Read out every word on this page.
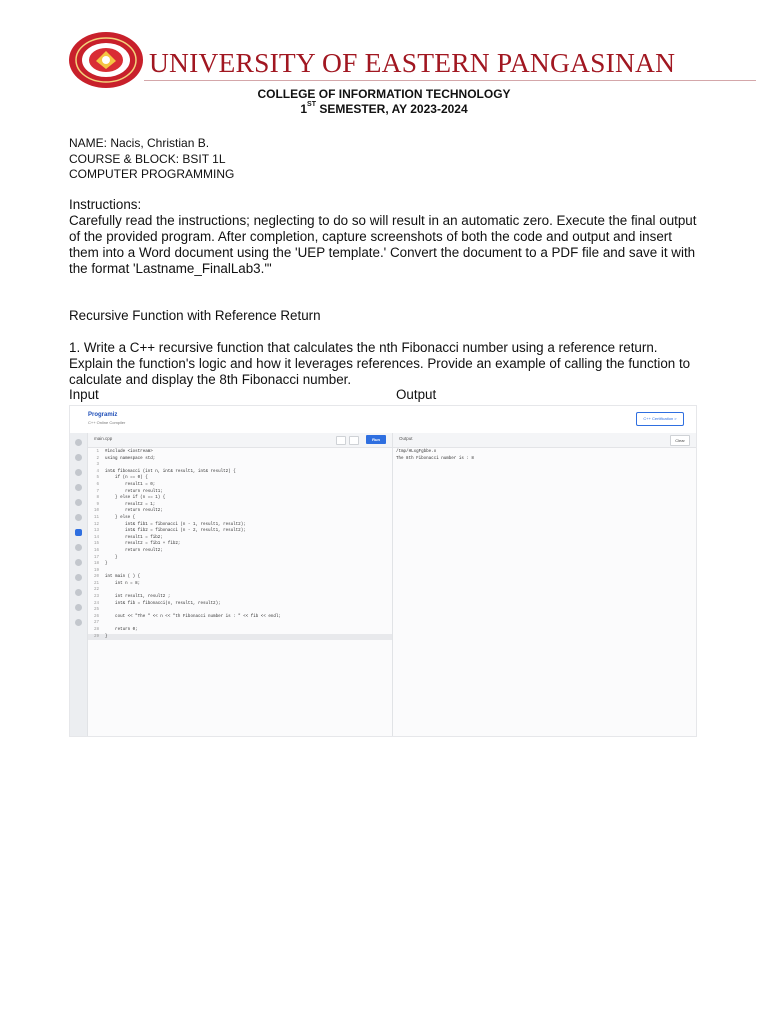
UNIVERSITY OF EASTERN PANGASINAN
COLLEGE OF INFORMATION TECHNOLOGY
1ST SEMESTER, AY 2023-2024
NAME: Nacis, Christian B.
COURSE & BLOCK: BSIT 1L
COMPUTER PROGRAMMING
Instructions:
Carefully read the instructions; neglecting to do so will result in an automatic zero. Execute the final output of the provided program. After completion, capture screenshots of both the code and output and insert them into a Word document using the 'UEP template.' Convert the document to a PDF file and save it with the format 'Lastname_FinalLab3.'"
Recursive Function with Reference Return
1. Write a C++ recursive function that calculates the nth Fibonacci number using a reference return. Explain the function's logic and how it leverages references. Provide an example of calling the function to calculate and display the 8th Fibonacci number.
Input	Output
Programiz
C++ Online Compiler
C++ Certification >
main.cpp	Run
1 #include <iostream>
2 using namespace std;
3
4 int& fibonacci (int n, int& result1, int& result2) {
5    if (n == 0) {
6        result1 = 0;
7        return result1;
8    } else if (n == 1) {
9        result2 = 1;
10        return result2;
11    } else {
12        int& fib1 = fibonacci (n - 1, result1, result2);
13        int& fib2 = fibonacci (n - 2, result1, result2);
14        result1 = fib2;
15        result2 = fib1 + fib2;
16        return result2;
17    }
18 }
19
20 int main ( ) {
21    int n = 8;
22
23    int result1, result2 ;
24    int& fib = fibonacci(n, result1, result2);
25
26    cout << "The " << n << "th Fibonacci number is : " << fib << endl;
27
28    return 0;
29 }
Output	Clear
/tmp/HLxgFgbbe.o
The 8th Fibonacci number is : 8
